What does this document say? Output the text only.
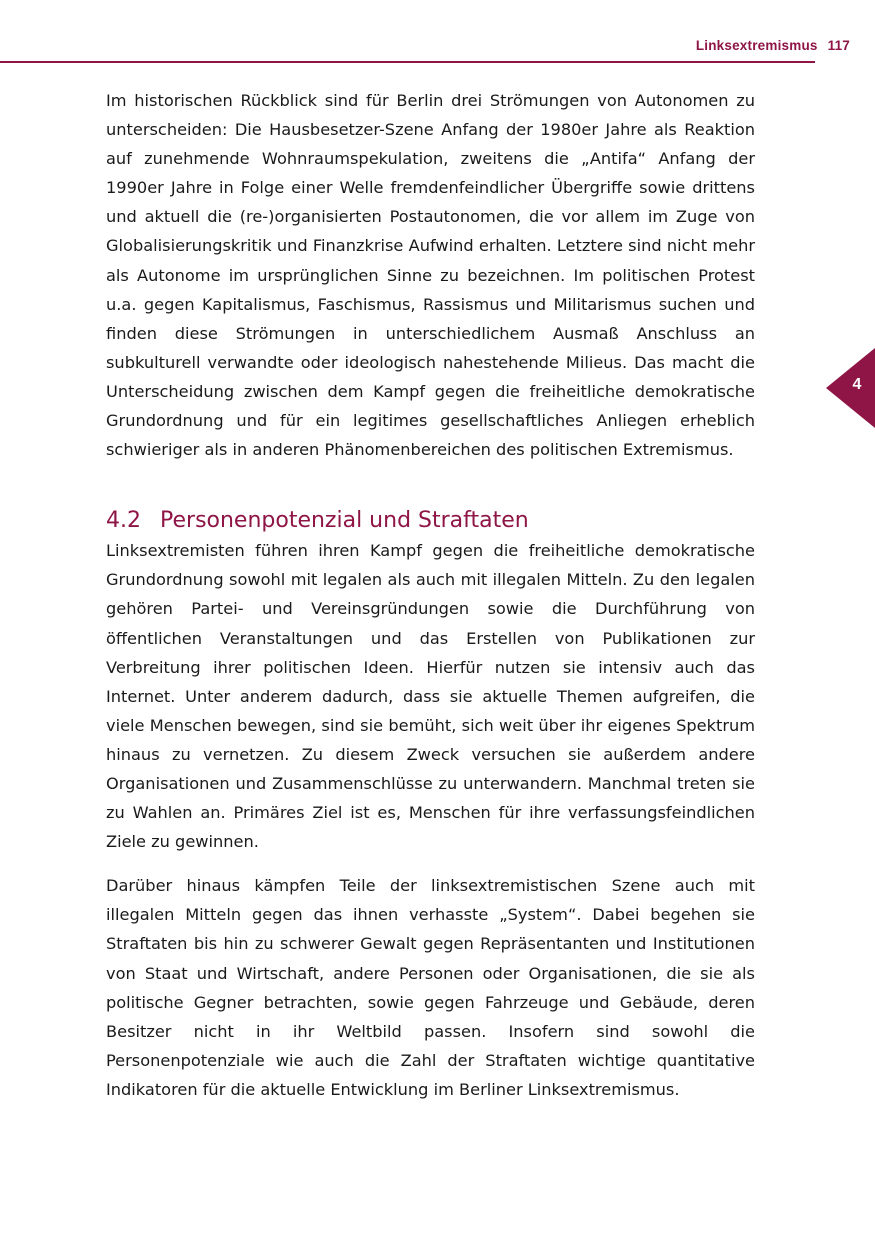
Linksextremismus 117
4

Im historischen Rückblick sind für Berlin drei Strömungen von Autonomen zu unterscheiden: Die Hausbesetzer-Szene Anfang der 1980er Jahre als Reaktion auf zunehmende Wohnraumspekulation, zweitens die „Antifa“ Anfang der 1990er Jahre in Folge einer Welle fremdenfeindlicher Übergriffe sowie drittens und aktuell die (re-)organisierten Postautonomen, die vor allem im Zuge von Globalisierungskritik und Finanzkrise Aufwind erhalten. Letztere sind nicht mehr als Autonome im ursprünglichen Sinne zu bezeichnen. Im politischen Protest u.a. gegen Kapitalismus, Faschismus, Rassismus und Militarismus suchen und finden diese Strömungen in unterschiedlichem Ausmaß Anschluss an subkulturell verwandte oder ideologisch nahestehende Milieus. Das macht die Unterscheidung zwischen dem Kampf gegen die freiheitliche demokratische Grundordnung und für ein legitimes gesellschaftliches Anliegen erheblich schwieriger als in anderen Phänomenbereichen des politischen Extremismus.

4.2 Personenpotenzial und Straftaten

Linksextremisten führen ihren Kampf gegen die freiheitliche demokratische Grundordnung sowohl mit legalen als auch mit illegalen Mitteln. Zu den legalen gehören Partei- und Vereinsgründungen sowie die Durchführung von öffentlichen Veranstaltungen und das Erstellen von Publikationen zur Verbreitung ihrer politischen Ideen. Hierfür nutzen sie intensiv auch das Internet. Unter anderem dadurch, dass sie aktuelle Themen aufgreifen, die viele Menschen bewegen, sind sie bemüht, sich weit über ihr eigenes Spektrum hinaus zu vernetzen. Zu diesem Zweck versuchen sie außerdem andere Organisationen und Zusammenschlüsse zu unterwandern. Manchmal treten sie zu Wahlen an. Primäres Ziel ist es, Menschen für ihre verfassungsfeindlichen Ziele zu gewinnen.

Darüber hinaus kämpfen Teile der linksextremistischen Szene auch mit illegalen Mitteln gegen das ihnen verhasste „System“. Dabei begehen sie Straftaten bis hin zu schwerer Gewalt gegen Repräsentanten und Institutionen von Staat und Wirtschaft, andere Personen oder Organisationen, die sie als politische Gegner betrachten, sowie gegen Fahrzeuge und Gebäude, deren Besitzer nicht in ihr Weltbild passen. Insofern sind sowohl die Personenpotenziale wie auch die Zahl der Straftaten wichtige quantitative Indikatoren für die aktuelle Entwicklung im Berliner Linksextremismus.
